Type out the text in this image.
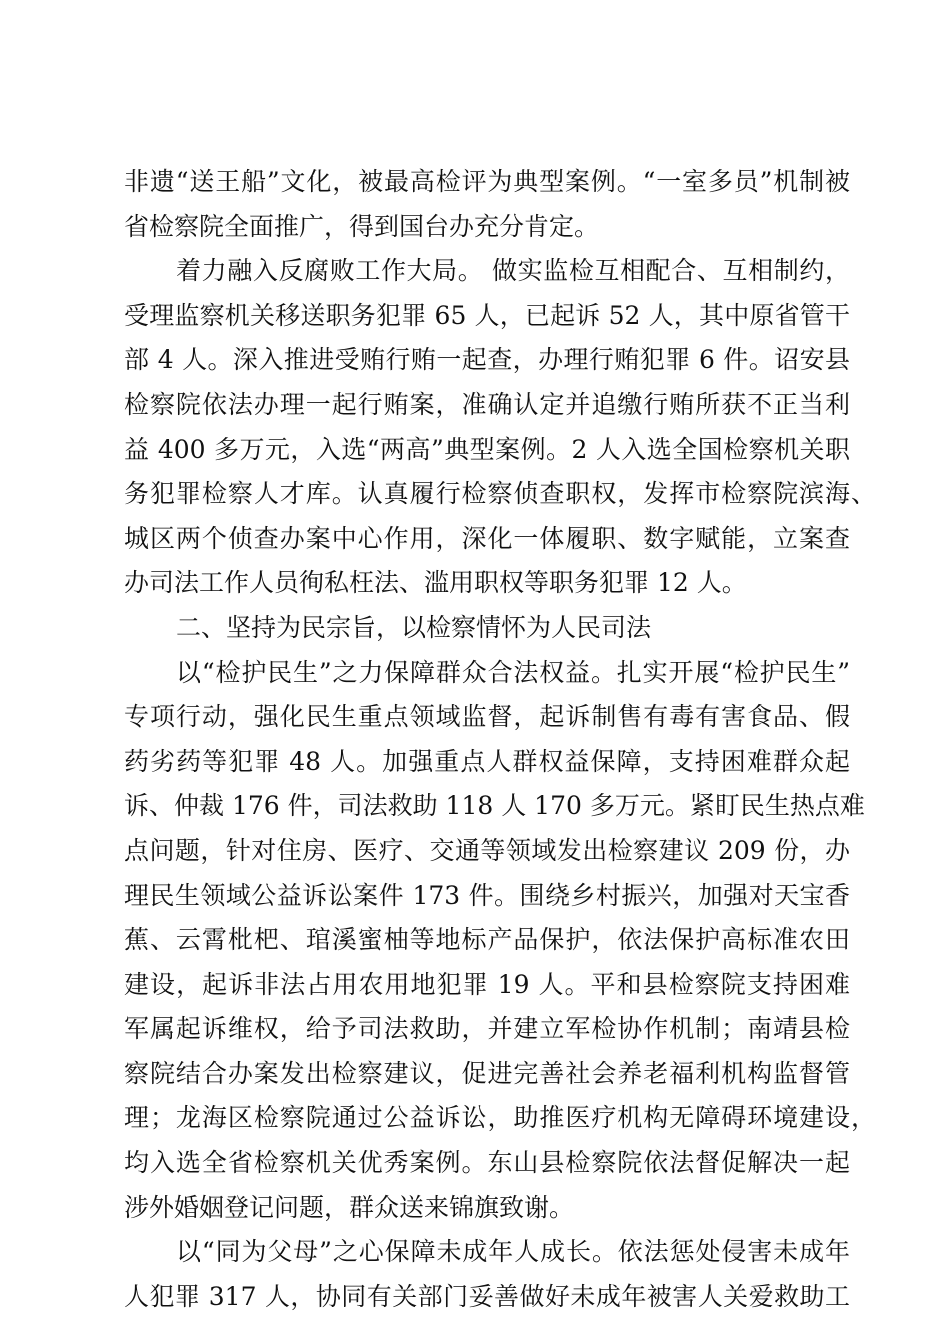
非遗“送王船”文化，被最高检评为典型案例。“一室多员”机制被
省检察院全面推广，得到国台办充分肯定。
着力融入反腐败工作大局。 做实监检互相配合、互相制约，
受理监察机关移送职务犯罪 65 人，已起诉 52 人，其中原省管干
部 4 人。深入推进受贿行贿一起查，办理行贿犯罪 6 件。诏安县
检察院依法办理一起行贿案，准确认定并追缴行贿所获不正当利
益 400 多万元，入选“两高”典型案例。2 人入选全国检察机关职
务犯罪检察人才库。认真履行检察侦查职权，发挥市检察院滨海、
城区两个侦查办案中心作用，深化一体履职、数字赋能，立案查
办司法工作人员徇私枉法、滥用职权等职务犯罪 12 人。
二、坚持为民宗旨，以检察情怀为人民司法
以“检护民生”之力保障群众合法权益。扎实开展“检护民生”
专项行动，强化民生重点领域监督，起诉制售有毒有害食品、假
药劣药等犯罪 48 人。加强重点人群权益保障，支持困难群众起
诉、仲裁 176 件，司法救助 118 人 170 多万元。紧盯民生热点难
点问题，针对住房、医疗、交通等领域发出检察建议 209 份，办
理民生领域公益诉讼案件 173 件。围绕乡村振兴，加强对天宝香
蕉、云霄枇杷、琯溪蜜柚等地标产品保护，依法保护高标准农田
建设，起诉非法占用农用地犯罪 19 人。平和县检察院支持困难
军属起诉维权，给予司法救助，并建立军检协作机制；南靖县检
察院结合办案发出检察建议，促进完善社会养老福利机构监督管
理；龙海区检察院通过公益诉讼，助推医疗机构无障碍环境建设，
均入选全省检察机关优秀案例。东山县检察院依法督促解决一起
涉外婚姻登记问题，群众送来锦旗致谢。
以“同为父母”之心保障未成年人成长。依法惩处侵害未成年
人犯罪 317 人，协同有关部门妥善做好未成年被害人关爱救助工
